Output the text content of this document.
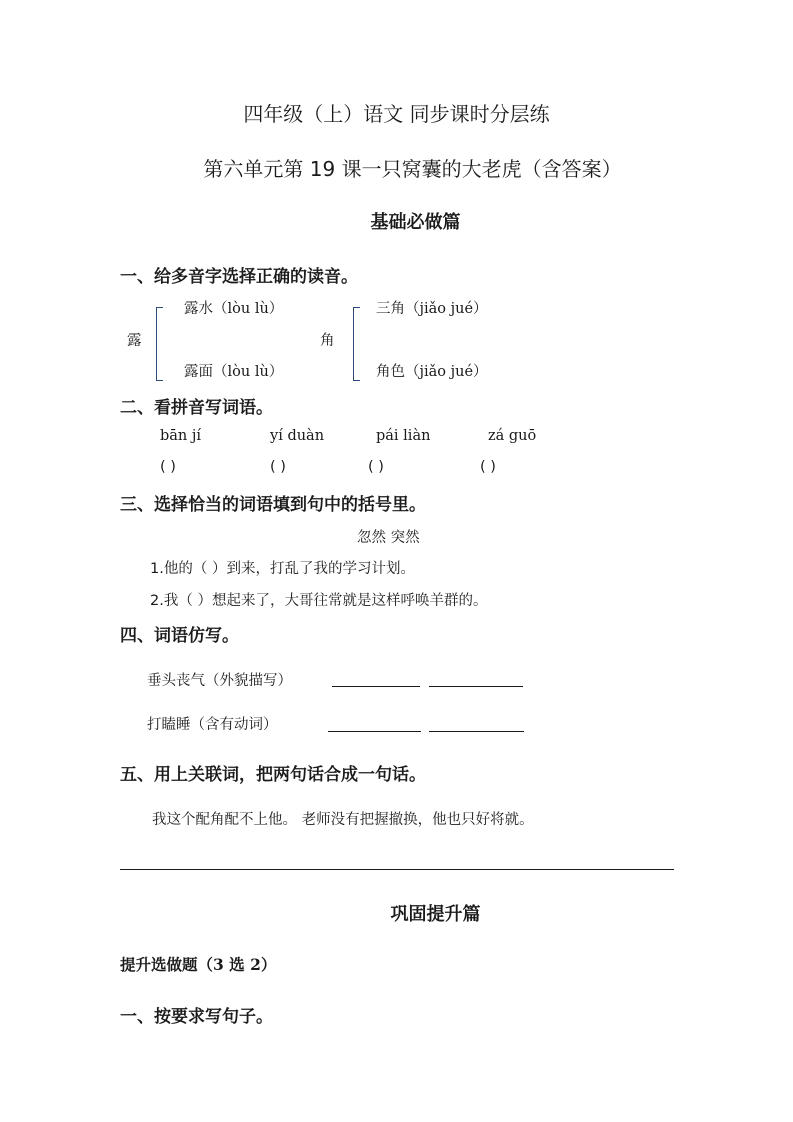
四年级（上）语文 同步课时分层练
第六单元第 19 课一只窝囊的大老虎（含答案）
基础必做篇
一、给多音字选择正确的读音。
露
露水（lòu lù）
露面（lòu lù）
角
三角（jiǎo jué）
角色（jiǎo jué）
二、看拼音写词语。
bān jí	yí duàn	pái liàn	zá guō
( )	( )	( )	( )
三、选择恰当的词语填到句中的括号里。
忽然 突然
1.他的（ ）到来，打乱了我的学习计划。
2.我（ ）想起来了，大哥往常就是这样呼唤羊群的。
四、词语仿写。
垂头丧气（外貌描写）
打瞌睡（含有动词）
五、用上关联词，把两句话合成一句话。
我这个配角配不上他。 老师没有把握撤换，他也只好将就。
巩固提升篇
提升选做题（3 选 2）
一、按要求写句子。
